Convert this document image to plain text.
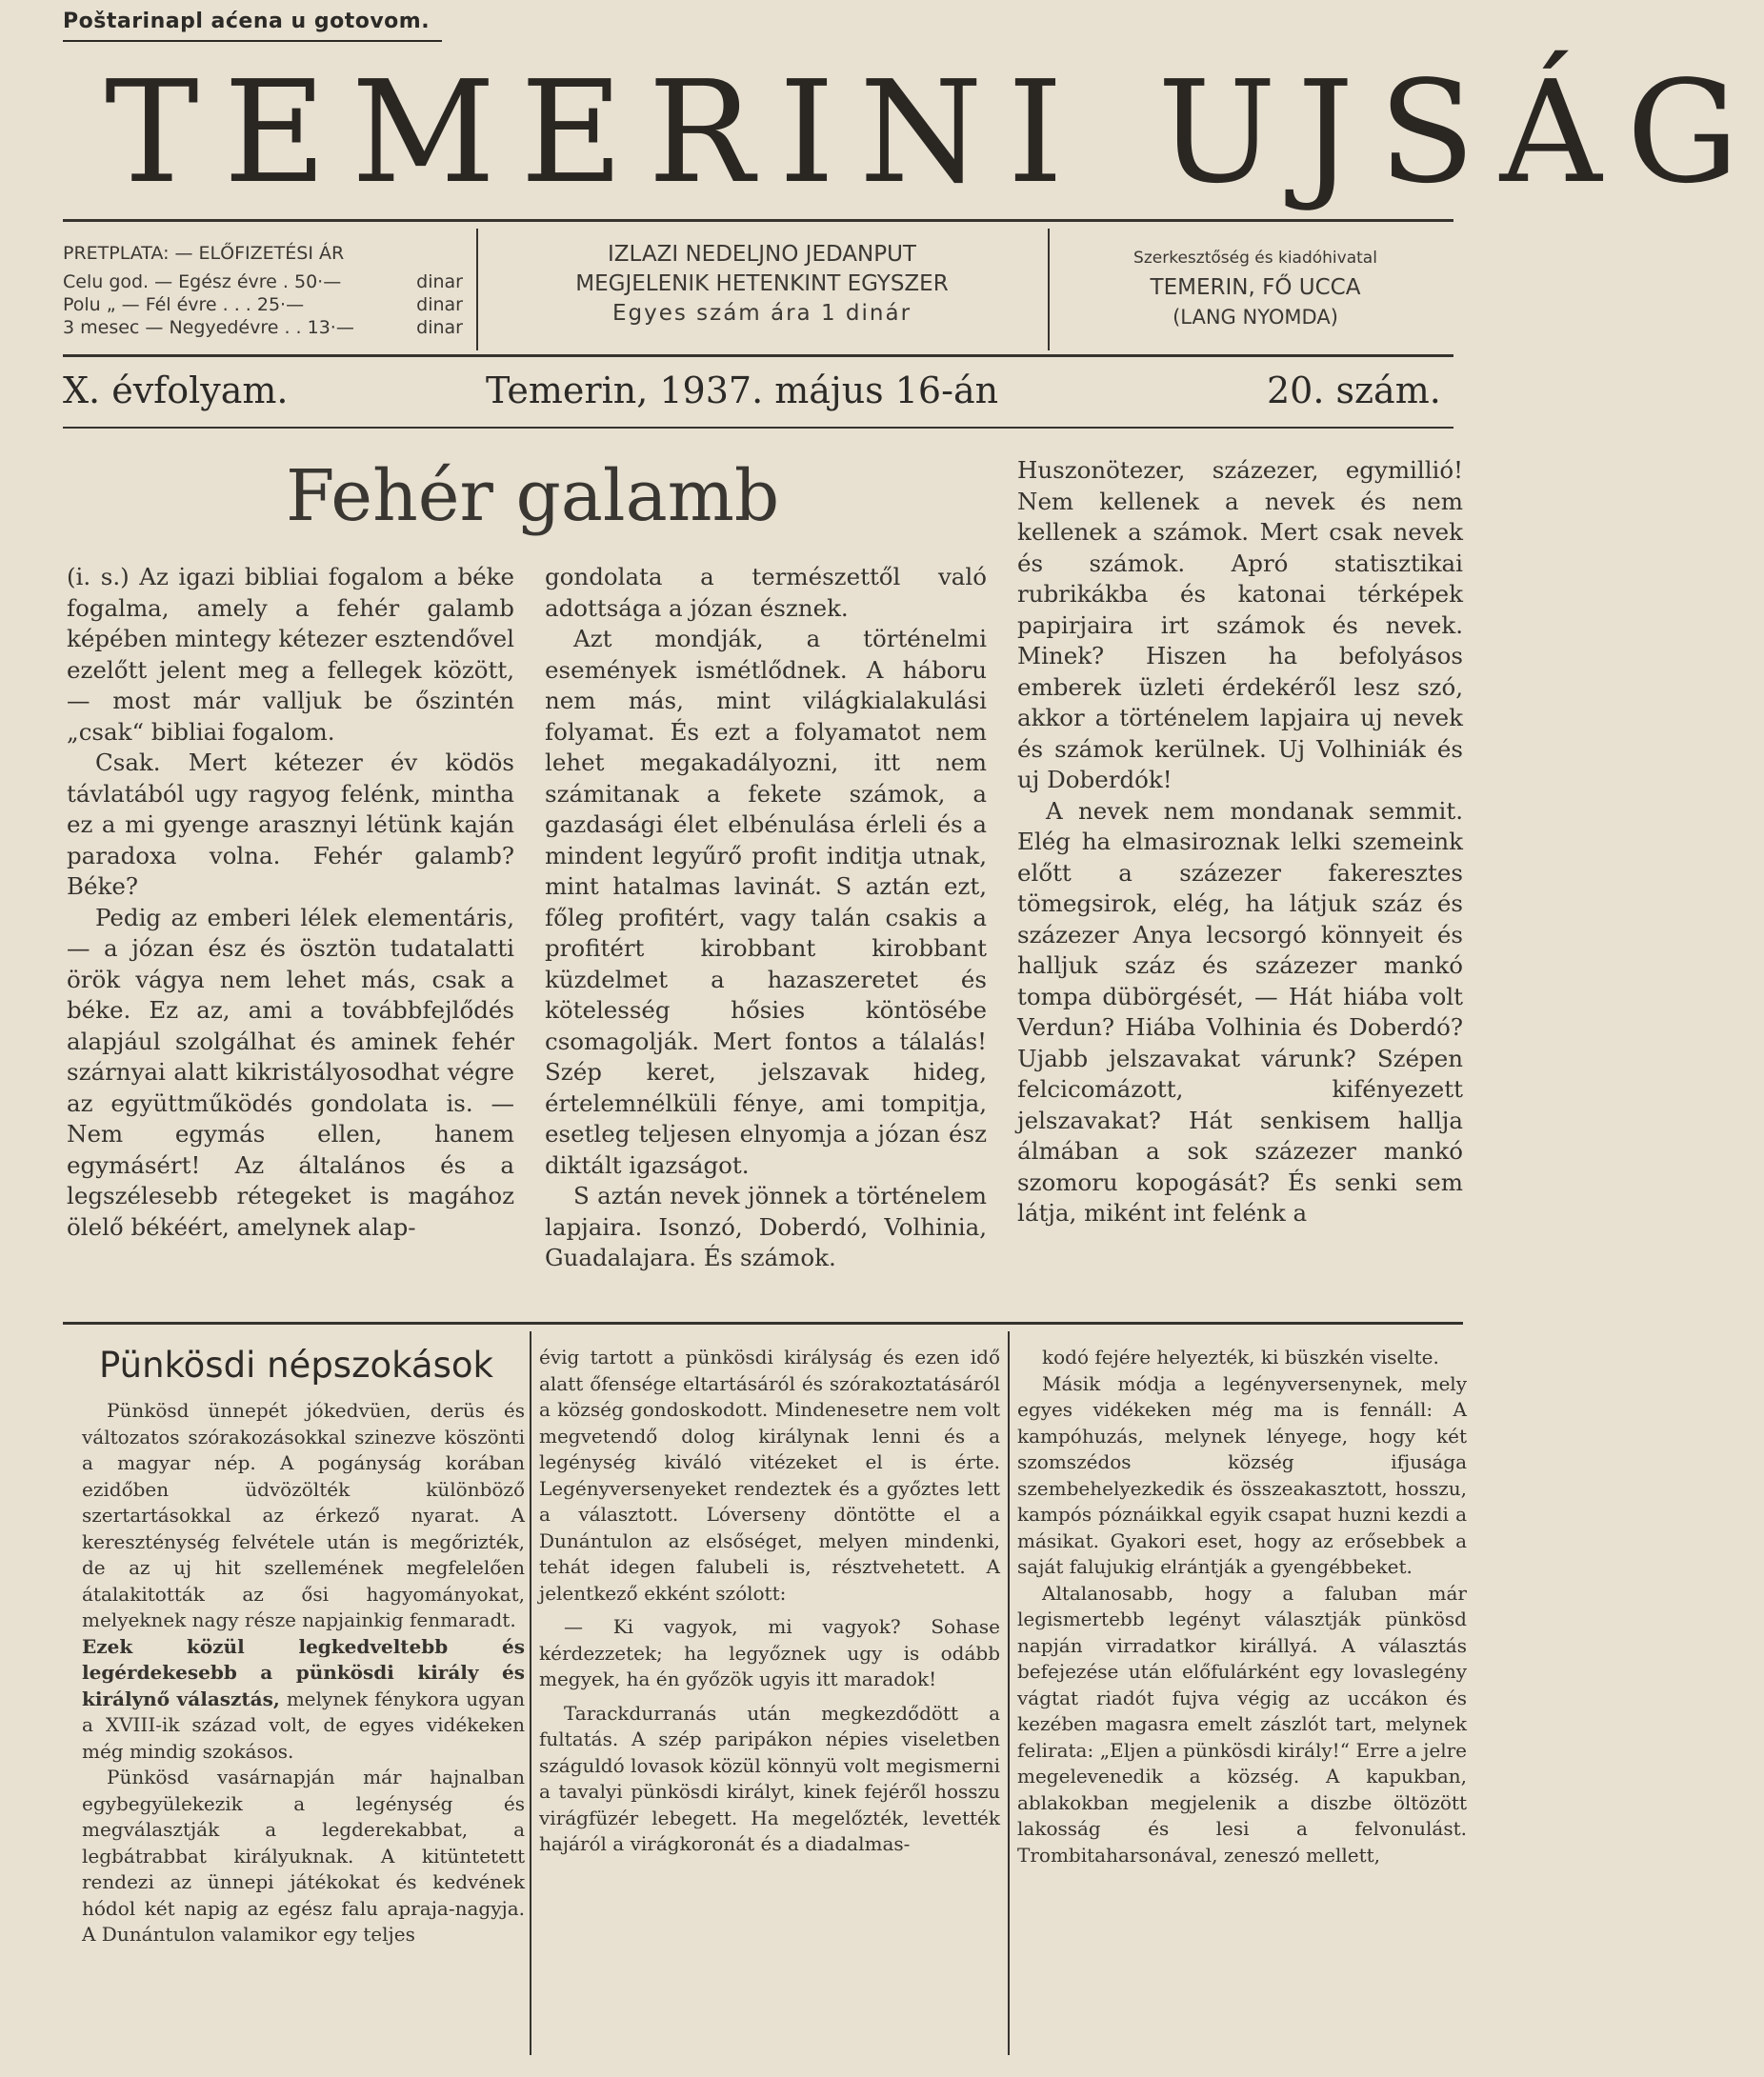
Poštarinapl aćena u gotovom.
TEMERINI UJSÁG
PRETPLATA: — ELŐFIZETÉSI ÁR
Celu god. — Egész évre . 50·—	dinar
Polu „ — Fél évre . . . 25·—	dinar
3 mesec — Negyedévre . . 13·—	dinar
IZLAZI NEDELJNO JEDANPUT
MEGJELENIK HETENKINT EGYSZER
Egyes szám ára 1 dinár
Szerkesztőség és kiadóhivatal
TEMERIN, FŐ UCCA
(LANG NYOMDA)
X. évfolyam.	Temerin, 1937. május 16-án	20. szám.
Fehér galamb

(i. s.) Az igazi bibliai fogalom a béke fogalma, amely a fehér galamb képében mintegy kétezer esztendővel ezelőtt jelent meg a fellegek között, — most már valljuk be őszintén „csak“ bibliai fogalom.

Csak. Mert kétezer év ködös távlatából ugy ragyog felénk, mintha ez a mi gyenge arasznyi létünk kaján paradoxa volna. Fehér galamb? Béke?

Pedig az emberi lélek elementáris, — a józan ész és ösztön tudatalatti örök vágya nem lehet más, csak a béke. Ez az, ami a továbbfejlődés alapjául szolgálhat és aminek fehér szárnyai alatt kikristályosodhat végre az együttműködés gondolata is. — Nem egymás ellen, hanem egymásért! Az általános és a legszélesebb rétegeket is magához ölelő békéért, amelynek alap-

gondolata a természettől való adottsága a józan észnek.

Azt mondják, a történelmi események ismétlődnek. A háboru nem más, mint világkialakulási folyamat. És ezt a folyamatot nem lehet megakadályozni, itt nem számitanak a fekete számok, a gazdasági élet elbénulása érleli és a mindent legyűrő profit inditja utnak, mint hatalmas lavinát. S aztán ezt, főleg profitért, vagy talán csakis a profitért kirobbant kirobbant küzdelmet a hazaszeretet és kötelesség hősies köntösébe csomagolják. Mert fontos a tálalás! Szép keret, jelszavak hideg, értelemnélküli fénye, ami tompitja, esetleg teljesen elnyomja a józan ész diktált igazságot.

S aztán nevek jönnek a történelem lapjaira. Isonzó, Doberdó, Volhinia, Guadalajara. És számok.

Huszonötezer, százezer, egymillió! Nem kellenek a nevek és nem kellenek a számok. Mert csak nevek és számok. Apró statisztikai rubrikákba és katonai térképek papirjaira irt számok és nevek. Minek? Hiszen ha befolyásos emberek üzleti érdekéről lesz szó, akkor a történelem lapjaira uj nevek és számok kerülnek. Uj Volhiniák és uj Doberdók!

A nevek nem mondanak semmit. Elég ha elmasiroznak lelki szemeink előtt a százezer fakeresztes tömegsirok, elég, ha látjuk száz és százezer Anya lecsorgó könnyeit és halljuk száz és százezer mankó tompa dübörgését, — Hát hiába volt Verdun? Hiába Volhinia és Doberdó? Ujabb jelszavakat várunk? Szépen felcicomázott, kifényezett jelszavakat? Hát senkisem hallja álmában a sok százezer mankó szomoru kopogását? És senki sem látja, miként int felénk a

Pünkösdi népszokások

Pünkösd ünnepét jókedvüen, derüs és változatos szórakozásokkal szinezve köszönti a magyar nép. A pogányság korában ezidőben üdvözölték különböző szertartásokkal az érkező nyarat. A kereszténység felvétele után is megőrizték, de az uj hit szellemének megfelelően átalakitották az ősi hagyományokat, melyeknek nagy része napjainkig fenmaradt.

Ezek közül legkedveltebb és legérdekesebb a pünkösdi király és királynő választás, melynek fénykora ugyan a XVIII-ik század volt, de egyes vidékeken még mindig szokásos.

Pünkösd vasárnapján már hajnalban egybegyülekezik a legénység és megválasztják a legderekabbat, a legbátrabbat királyuknak. A kitüntetett rendezi az ünnepi játékokat és kedvének hódol két napig az egész falu apraja-nagyja. A Dunántulon valamikor egy teljes

évig tartott a pünkösdi királyság és ezen idő alatt őfensége eltartásáról és szórakoztatásáról a község gondoskodott. Mindenesetre nem volt megvetendő dolog királynak lenni és a legénység kiváló vitézeket el is érte. Legényversenyeket rendeztek és a győztes lett a választott. Lóverseny döntötte el a Dunántulon az elsőséget, melyen mindenki, tehát idegen falubeli is, résztvehetett. A jelentkező ekként szólott:

— Ki vagyok, mi vagyok? Sohase kérdezzetek; ha legyőznek ugy is odább megyek, ha én győzök ugyis itt maradok!

Tarackdurranás után megkezdődött a fultatás. A szép paripákon népies viseletben száguldó lovasok közül könnyü volt megismerni a tavalyi pünkösdi királyt, kinek fejéről hosszu virágfüzér lebegett. Ha megelőzték, levették hajáról a virágkoronát és a diadalmas-

kodó fejére helyezték, ki büszkén viselte.

Másik módja a legényversenynek, mely egyes vidékeken még ma is fennáll: A kampóhuzás, melynek lényege, hogy két szomszédos község ifjusága szembehelyezkedik és összeakasztott, hosszu, kampós póznáikkal egyik csapat huzni kezdi a másikat. Gyakori eset, hogy az erősebbek a saját falujukig elrántják a gyengébbeket.

Altalanosabb, hogy a faluban már legismertebb legényt választják pünkösd napján virradatkor királlyá. A választás befejezése után előfulárként egy lovaslegény vágtat riadót fujva végig az uccákon és kezében magasra emelt zászlót tart, melynek felirata: „Eljen a pünkösdi király!“ Erre a jelre megelevenedik a község. A kapukban, ablakokban megjelenik a diszbe öltözött lakosság és lesi a felvonulást. Trombitaharsonával, zeneszó mellett,
